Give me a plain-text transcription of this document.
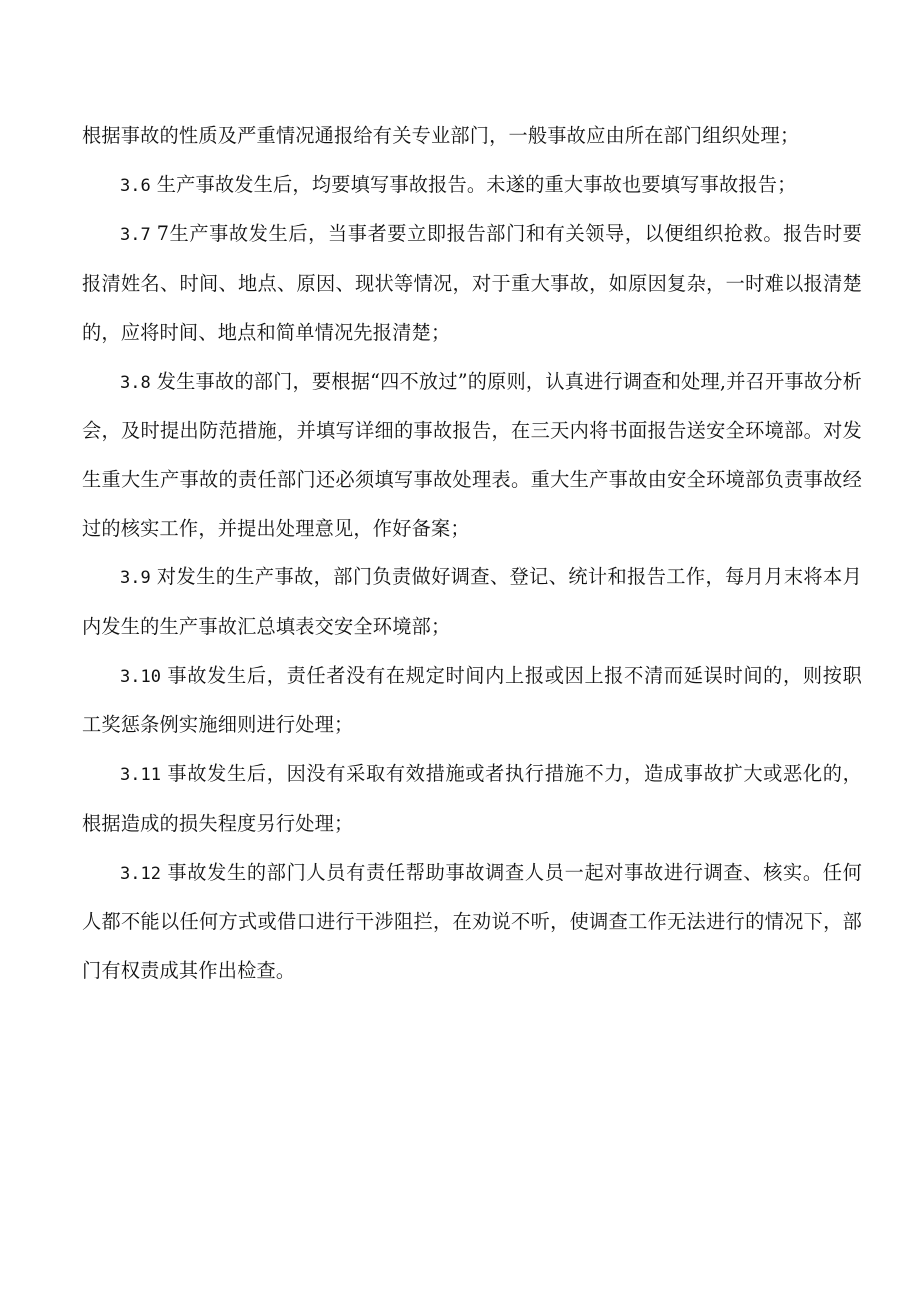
根据事故的性质及严重情况通报给有关专业部门，一般事故应由所在部门组织处理；

3.6 生产事故发生后，均要填写事故报告。未遂的重大事故也要填写事故报告；

3.7 7生产事故发生后，当事者要立即报告部门和有关领导，以便组织抢救。报告时要报清姓名、时间、地点、原因、现状等情况，对于重大事故，如原因复杂，一时难以报清楚的，应将时间、地点和简单情况先报清楚；

3.8 发生事故的部门，要根据“四不放过”的原则，认真进行调查和处理,并召开事故分析会，及时提出防范措施，并填写详细的事故报告，在三天内将书面报告送安全环境部。对发生重大生产事故的责任部门还必须填写事故处理表。重大生产事故由安全环境部负责事故经过的核实工作，并提出处理意见，作好备案；

3.9 对发生的生产事故，部门负责做好调查、登记、统计和报告工作，每月月末将本月内发生的生产事故汇总填表交安全环境部；

3.10 事故发生后，责任者没有在规定时间内上报或因上报不清而延误时间的，则按职工奖惩条例实施细则进行处理；

3.11 事故发生后，因没有采取有效措施或者执行措施不力，造成事故扩大或恶化的，根据造成的损失程度另行处理；

3.12 事故发生的部门人员有责任帮助事故调查人员一起对事故进行调查、核实。任何人都不能以任何方式或借口进行干涉阻拦，在劝说不听，使调查工作无法进行的情况下，部门有权责成其作出检查。
